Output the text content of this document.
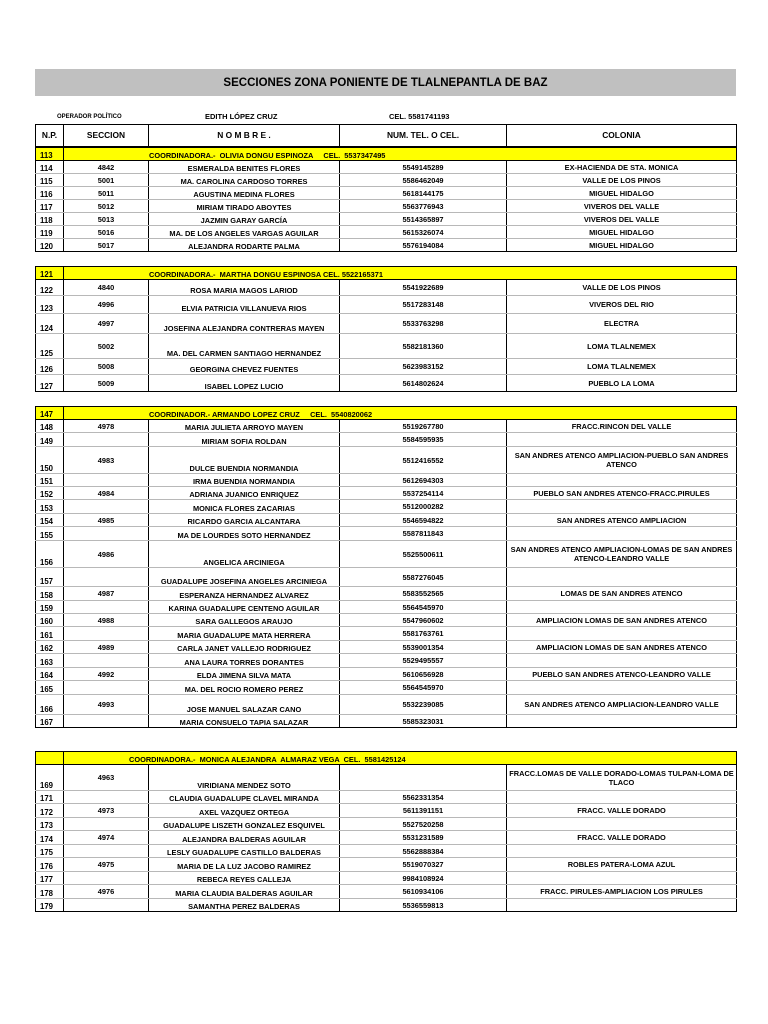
SECCIONES ZONA PONIENTE DE TLALNEPANTLA DE BAZ
OPERADOR POLÍTICO	EDITH LÓPEZ CRUZ	CEL. 5581741193
N.P.	SECCION	N O M B R E .	NUM. TEL. O CEL.	COLONIA
113	COORDINADORA.-  OLIVIA DONGU ESPINOZA     CEL.  5537347495			
114	4842	ESMERALDA BENITES FLORES	5549145289	EX-HACIENDA DE STA. MONICA
115	5001	MA. CAROLINA CARDOSO TORRES	5586462049	VALLE DE LOS PINOS
116	5011	AGUSTINA MEDINA FLORES	5618144175	MIGUEL HIDALGO
117	5012	MIRIAM TIRADO ABOYTES	5563776943	VIVEROS DEL VALLE
118	5013	JAZMIN GARAY GARCÍA	5514365897	VIVEROS DEL VALLE
119	5016	MA. DE LOS ANGELES VARGAS AGUILAR	5615326074	MIGUEL HIDALGO
120	5017	ALEJANDRA RODARTE PALMA	5576194084	MIGUEL HIDALGO
121	COORDINADORA.-  MARTHA DONGU ESPINOSA CEL. 5522165371			
122	4840	ROSA MARIA MAGOS LARIOD	5541922689	VALLE DE LOS PINOS
123	4996	ELVIA PATRICIA VILLANUEVA RIOS	5517283148	VIVEROS DEL RIO
124	4997	JOSEFINA ALEJANDRA CONTRERAS MAYEN	5533763298	ELECTRA
125	5002	MA. DEL CARMEN SANTIAGO HERNANDEZ	5582181360	LOMA TLALNEMEX
126	5008	GEORGINA CHEVEZ FUENTES	5623983152	LOMA TLALNEMEX
127	5009	ISABEL LOPEZ LUCIO	5614802624	PUEBLO LA LOMA
147	COORDINADOR.- ARMANDO LOPEZ CRUZ     CEL.  5540820062			
148	4978	MARIA JULIETA ARROYO MAYEN	5519267780	FRACC.RINCON DEL VALLE
149		MIRIAM SOFIA ROLDAN	5584595935	
150	4983	DULCE BUENDIA NORMANDIA	5512416552	SAN ANDRES ATENCO AMPLIACION-PUEBLO SAN ANDRES ATENCO
151		IRMA BUENDIA NORMANDIA	5612694303	
152	4984	ADRIANA JUANICO ENRIQUEZ	5537254114	PUEBLO SAN ANDRES ATENCO-FRACC.PIRULES
153		MONICA FLORES ZACARIAS	5512000282	
154	4985	RICARDO GARCIA ALCANTARA	5546594822	SAN ANDRES ATENCO AMPLIACION
155		MA DE LOURDES SOTO HERNANDEZ	5587811843	
156	4986	ANGELICA ARCINIEGA	5525500611	SAN ANDRES ATENCO AMPLIACION-LOMAS DE SAN ANDRES ATENCO-LEANDRO VALLE
157		GUADALUPE JOSEFINA ANGELES ARCINIEGA	5587276045	
158	4987	ESPERANZA HERNANDEZ ALVAREZ	5583552565	LOMAS DE SAN ANDRES ATENCO
159		KARINA GUADALUPE CENTENO AGUILAR	5564545970	
160	4988	SARA GALLEGOS ARAUJO	5547960602	AMPLIACION LOMAS DE SAN ANDRES ATENCO
161		MARIA GUADALUPE MATA HERRERA	5581763761	
162	4989	CARLA JANET VALLEJO RODRIGUEZ	5539001354	AMPLIACION LOMAS DE SAN ANDRES ATENCO
163		ANA LAURA TORRES DORANTES	5529495557	
164	4992	ELDA JIMENA SILVA MATA	5610656928	PUEBLO SAN ANDRES ATENCO-LEANDRO VALLE
165		MA. DEL ROCIO ROMERO PEREZ	5564545970	
166	4993	JOSE MANUEL SALAZAR CANO	5532239085	SAN ANDRES ATENCO AMPLIACION-LEANDRO VALLE
167		MARIA CONSUELO TAPIA SALAZAR	5585323031	
	COORDINADORA.-  MONICA ALEJANDRA  ALMARAZ VEGA  CEL.  5581425124			
169	4963	VIRIDIANA MENDEZ SOTO		FRACC.LOMAS DE VALLE DORADO-LOMAS TULPAN-LOMA DE TLACO
171		CLAUDIA GUADALUPE CLAVEL MIRANDA	5562331354	
172	4973	AXEL VAZQUEZ ORTEGA	5611391151	FRACC. VALLE DORADO
173		GUADALUPE LISZETH GONZALEZ ESQUIVEL	5527520258	
174	4974	ALEJANDRA BALDERAS AGUILAR	5531231589	FRACC. VALLE DORADO
175		LESLY GUADALUPE CASTILLO BALDERAS	5562888384	
176	4975	MARIA DE LA LUZ JACOBO RAMIREZ	5519070327	ROBLES PATERA-LOMA AZUL
177		REBECA REYES CALLEJA	9984108924	
178	4976	MARIA CLAUDIA BALDERAS AGUILAR	5610934106	FRACC. PIRULES-AMPLIACION LOS PIRULES
179		SAMANTHA PEREZ BALDERAS	5536559813	
